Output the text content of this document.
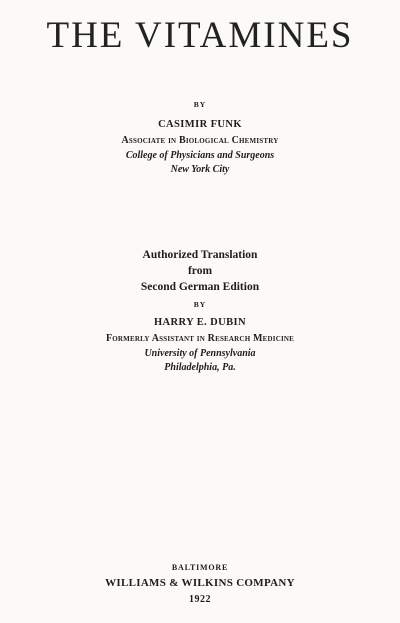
THE VITAMINES
BY
CASIMIR FUNK
Associate in Biological Chemistry
College of Physicians and Surgeons
New York City
Authorized Translation
from
Second German Edition
BY
HARRY E. DUBIN
Formerly Assistant in Research Medicine
University of Pennsylvania
Philadelphia, Pa.
BALTIMORE
WILLIAMS & WILKINS COMPANY
1922
